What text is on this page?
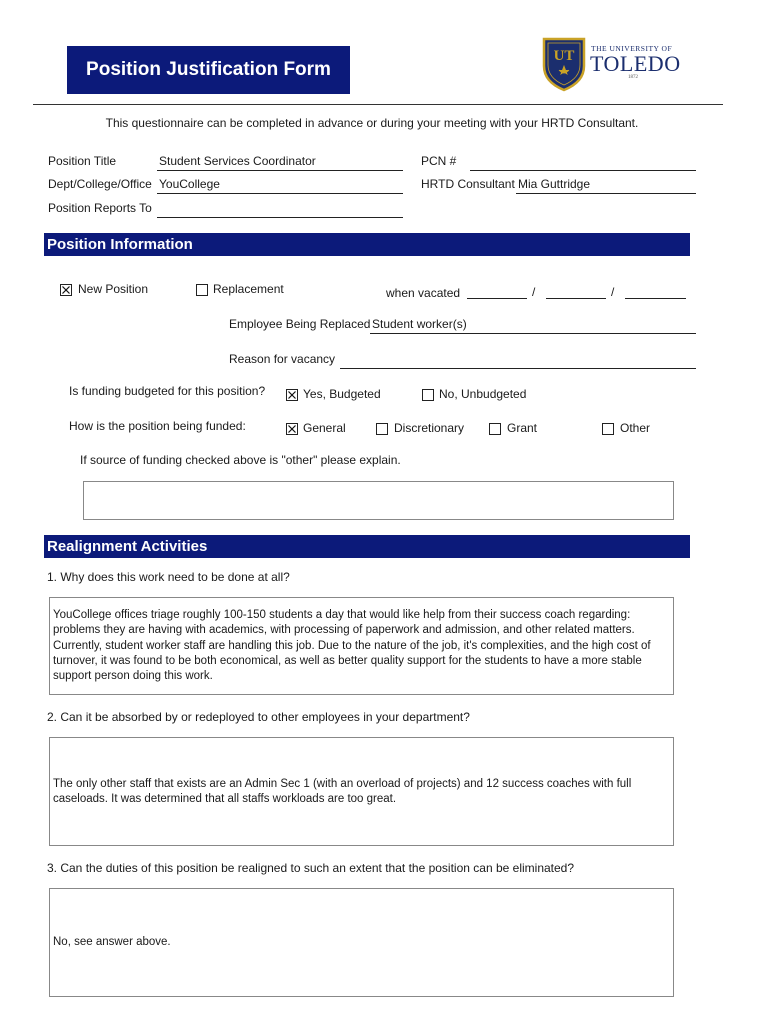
Position Justification Form
UT THE UNIVERSITY OF
TOLEDO
1872
This questionnaire can be completed in advance or during your meeting with your HRTD Consultant.
Position Title	Student Services Coordinator	PCN #
Dept/College/Office YouCollege	HRTD Consultant Mia Guttridge
Position Reports To
Position Information
New Position	Replacement	when vacated	/	/
Employee Being Replaced Student worker(s)
Reason for vacancy
Is funding budgeted for this position?	Yes, Budgeted	No, Unbudgeted
How is the position being funded:	General	Discretionary	Grant	Other
If source of funding checked above is "other" please explain.
Realignment Activities
1. Why does this work need to be done at all?
YouCollege offices triage roughly 100-150 students a day that would like help from their success coach regarding:
problems they are having with academics, with processing of paperwork and admission, and other related matters.
Currently, student worker staff are handling this job. Due to the nature of the job, it's complexities, and the high cost of
turnover, it was found to be both economical, as well as better quality support for the students to have a more stable
support person doing this work.
2. Can it be absorbed by or redeployed to other employees in your department?
The only other staff that exists are an Admin Sec 1 (with an overload of projects) and 12 success coaches with full
caseloads. It was determined that all staffs workloads are too great.
3. Can the duties of this position be realigned to such an extent that the position can be eliminated?
No, see answer above.
